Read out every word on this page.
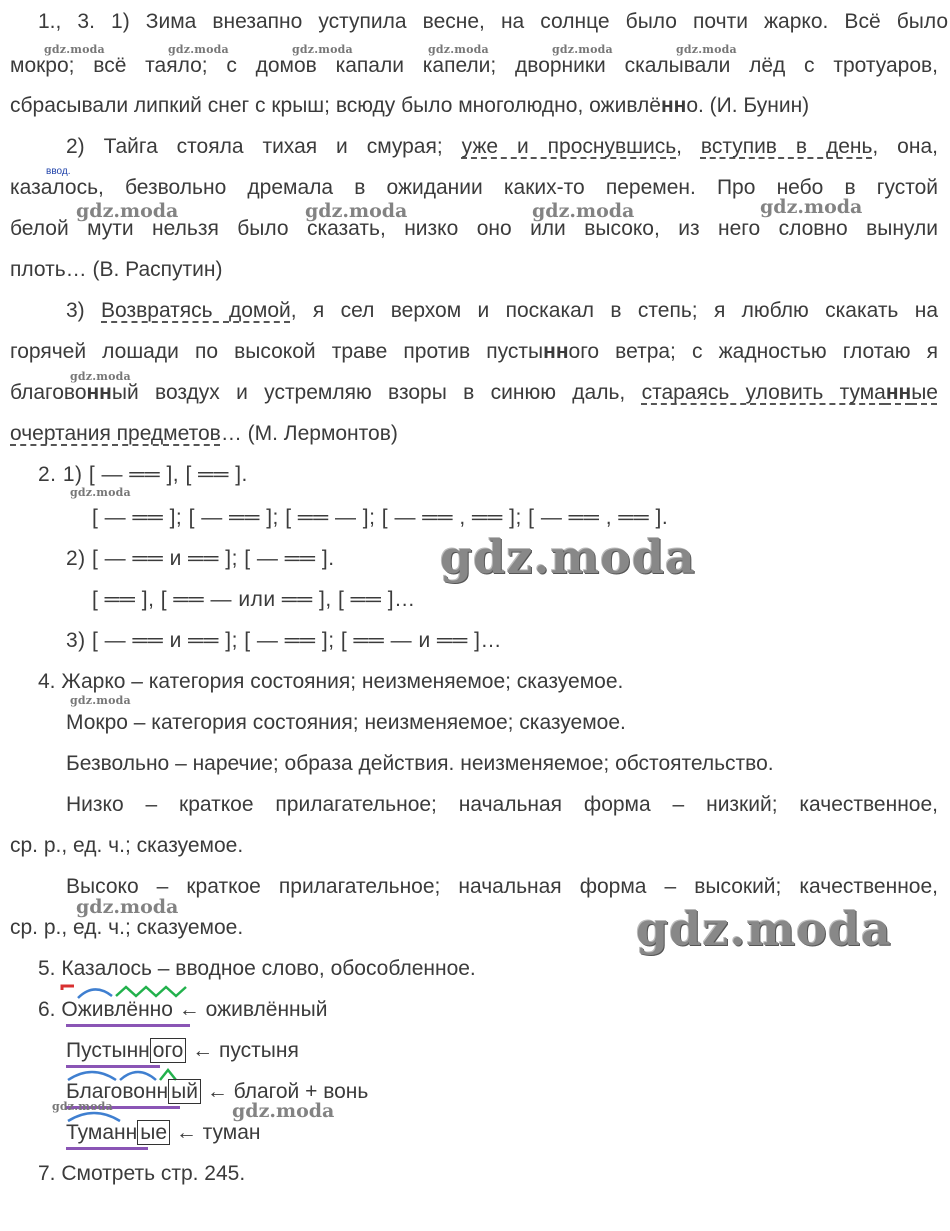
1., 3. 1) Зима внезапно уступила весне, на солнце было почти жарко. Всё было
мокро; всё таяло; с домов капали капели; дворники скалывали лёд с тротуаров,
сбрасывали липкий снег с крыш; всюду было многолюдно, оживлённо. (И. Бунин)
2) Тайга стояла тихая и смурая; уже и проснувшись, вступив в день, она,
ввод.
казалось, безвольно дремала в ожидании каких-то перемен. Про небо в густой
белой мути нельзя было сказать, низко оно или высоко, из него словно вынули
плоть… (В. Распутин)
3) Возвратясь домой, я сел верхом и поскакал в степь; я люблю скакать на
горячей лошади по высокой траве против пустынного ветра; с жадностью глотаю я
благовонный воздух и устремляю взоры в синюю даль, стараясь уловить туманные
очертания предметов… (М. Лермонтов)
2. 1) [ — ══ ], [ ══ ].
[ — ══ ]; [ — ══ ]; [ ══ — ]; [ — ══ , ══ ]; [ — ══ , ══ ].
2) [ — ══ и ══ ]; [ — ══ ].
[ ══ ], [ ══ — или ══ ], [ ══ ]…
3) [ — ══ и ══ ]; [ — ══ ]; [ ══ — и ══ ]…
4. Жарко – категория состояния; неизменяемое; сказуемое.
Мокро – категория состояния; неизменяемое; сказуемое.
Безвольно – наречие; образа действия. неизменяемое; обстоятельство.
Низко – краткое прилагательное; начальная форма – низкий; качественное,
ср. р., ед. ч.; сказуемое.
Высоко – краткое прилагательное; начальная форма – высокий; качественное,
ср. р., ед. ч.; сказуемое.
5. Казалось – вводное слово, обособленное.
6. Оживлённо ← оживлённый
Пустынн ого ← пустыня
Благовонн ый ← благой + вонь
Туманн ые ← туман
7. Смотреть стр. 245.
gdz.moda	gdz.moda	gdz.moda	gdz.moda	gdz.moda	gdz.moda
gdz.moda	gdz.moda	gdz.moda	gdz.moda
gdz.moda
gdz.moda
gdz.moda
gdz.moda
gdz.moda
gdz.moda
gdz.moda	gdz.moda
